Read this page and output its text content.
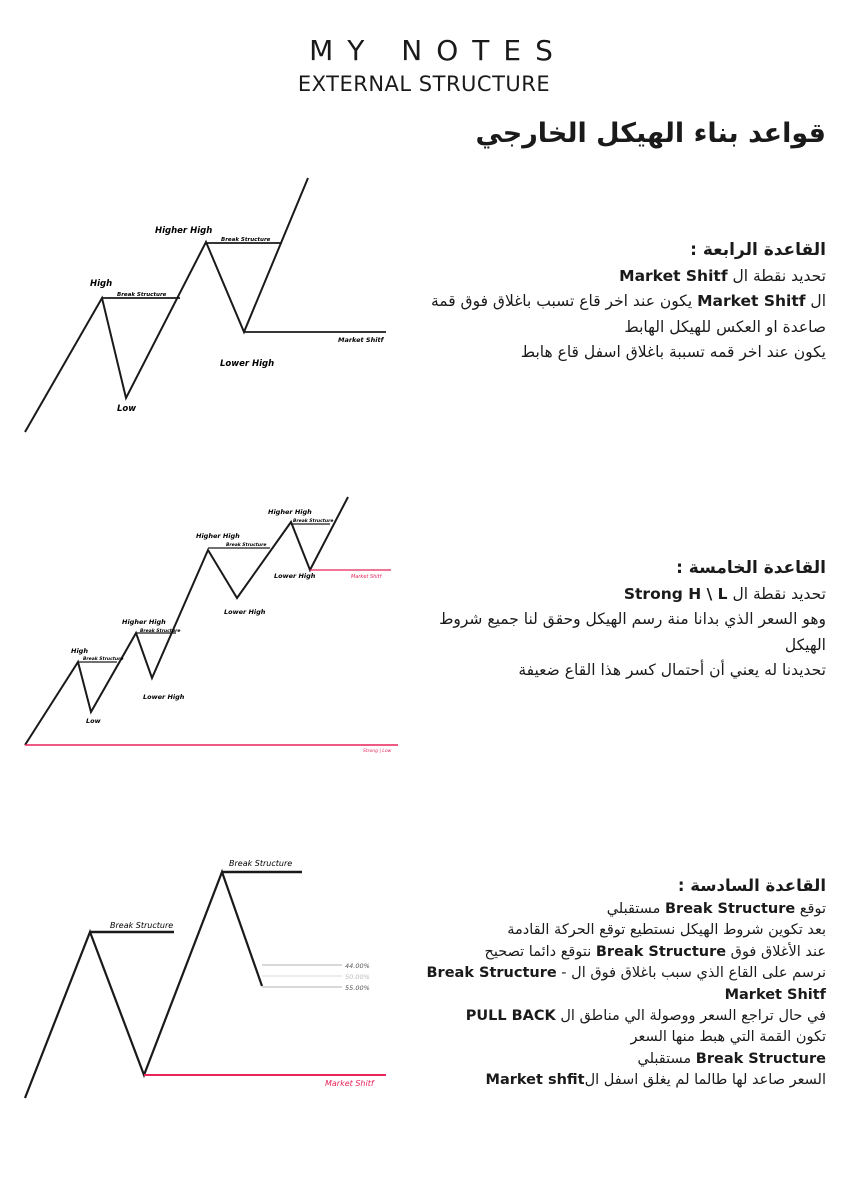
MY NOTES
EXTERNAL STRUCTURE
قواعد بناء الهيكل الخارجي
القاعدة الرابعة :
تحديد نقطة ال Market Shitf
ال Market Shitf يكون عند اخر قاع تسبب باغلاق فوق قمة صاعدة او العكس للهيكل الهابط
يكون عند اخر قمه تسببة باغلاق اسفل قاع هابط
القاعدة الخامسة :
تحديد نقطة ال Strong H \ L
وهو السعر الذي بدانا منة رسم الهيكل وحقق لنا جميع شروط الهيكل
تحديدنا له يعني أن أحتمال كسر هذا القاع ضعيفة
القاعدة السادسة :
توقع Break Structure مستقبلي
بعد تكوين شروط الهيكل نستطيع توقع الحركة القادمة
عند الأغلاق فوق Break Structure نتوقع دائما تصحيح
نرسم على القاع الذي سبب باغلاق فوق ال - Break Structure
Market Shitf
في حال تراجع السعر ووصولة الي مناطق ال PULL BACK
تكون القمة التي هبط منها السعر
Break Structure مستقبلي
السعر صاعد لها طالما لم يغلق اسفل الMarket shfit
Higher High
Break Structure
High
Break Structure
Market Shitf
Lower High
Low
High
Break Structure
Low
Higher High
Break Structure
Lower High
Higher High
Break Structure
Lower High
Higher High
Break Structure
Lower High	Market Shitf
Strong | Low
44.00%
50.00%
55.00%
Break Structure
Break Structure
Market Shitf
